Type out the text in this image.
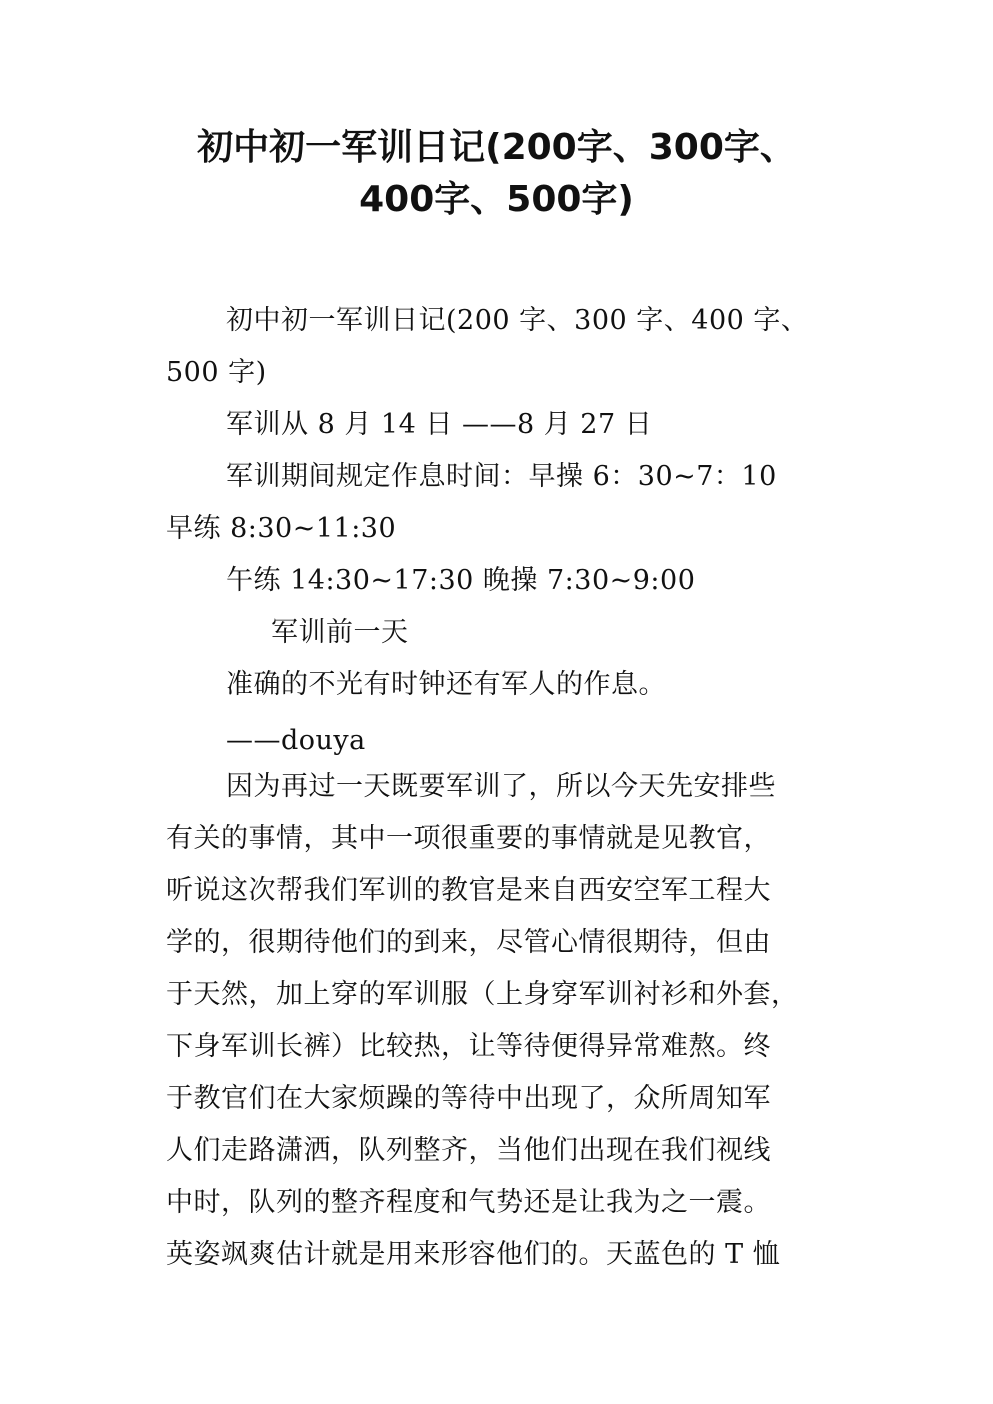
初中初一军训日记(200字、300字、
400字、500字)
初中初一军训日记(200 字、300 字、400 字、
500 字)
军训从 8 月 14 日 ——8 月 27 日
军训期间规定作息时间：早操 6：30~7：10
早练 8:30~11:30
午练 14:30~17:30 晚操 7:30~9:00
军训前一天
准确的不光有时钟还有军人的作息。
——douya
因为再过一天既要军训了，所以今天先安排些
有关的事情，其中一项很重要的事情就是见教官，
听说这次帮我们军训的教官是来自西安空军工程大
学的，很期待他们的到来，尽管心情很期待，但由
于天然，加上穿的军训服（上身穿军训衬衫和外套，
下身军训长裤）比较热，让等待便得异常难熬。终
于教官们在大家烦躁的等待中出现了，众所周知军
人们走路潇洒，队列整齐，当他们出现在我们视线
中时，队列的整齐程度和气势还是让我为之一震。
英姿飒爽估计就是用来形容他们的。天蓝色的 T 恤
